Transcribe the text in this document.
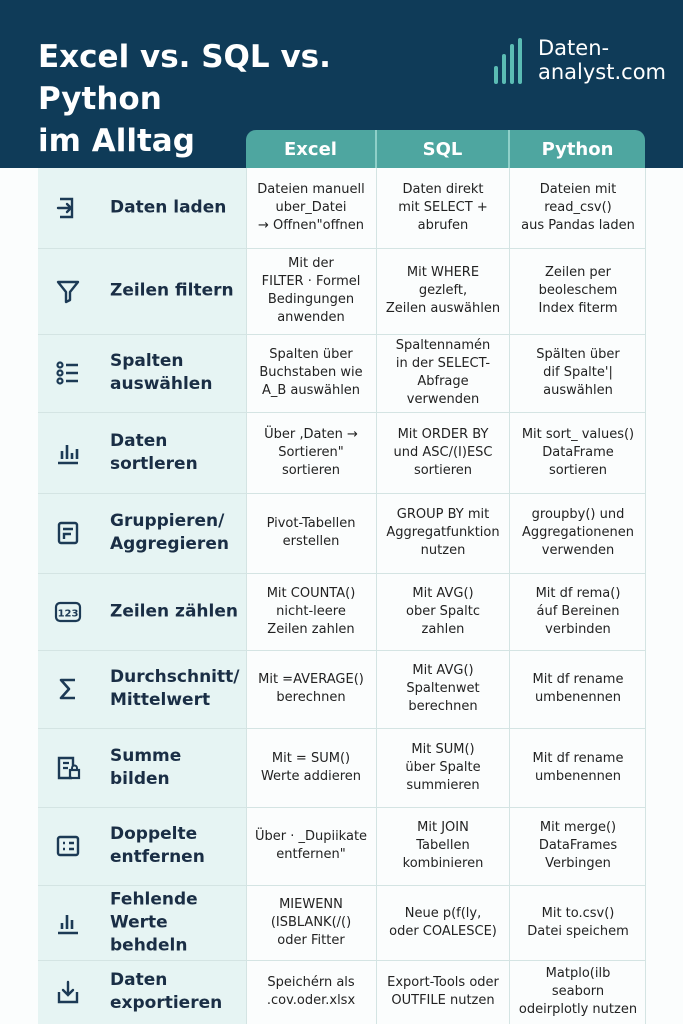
Excel vs. SQL vs. Python
im Alltag
Daten-
analyst.com
Excel	SQL	Python
Daten laden
Dateien manuell
uber_Datei
→ Offnen"offnen
Daten direkt
mit SELECT +
abrufen
Dateien mit
read_csv()
aus Pandas laden
Zeilen filtern
Mit der
FILTER · Formel
Bedingungen
anwenden
Mit WHERE
gezleft,
Zeilen auswählen
Zeilen per
beoleschem
Index fiterm
Spalten auswählen
Spalten über
Buchstaben wie
A_B auswählen
Spaltennamén
in der SELECT-
Abfrage verwenden
Spälten über
dif Spalte'|
auswählen
Daten sortleren
Über ‚Daten →
Sortieren"
sortieren
Mit ORDER BY
und ASC/(I)ESC
sortieren
Mit sort_ values()
DataFrame
sortieren
Gruppieren/ Aggregieren
Pivot-Tabellen
erstellen
GROUP BY mit
Aggregatfunktion
nutzen
groupby() und
Aggregationenen
verwenden
Zeilen zählen
Mit COUNTA()
nicht-leere
Zeilen zahlen
Mit AVG()
ober Spaltc
zahlen
Mit df rema()
áuf Bereinen
verbinden
Durchschnitt/ Mittelwert
Mit =AVERAGE()
berechnen
Mit AVG()
Spaltenwet
berechnen
Mit df rename
umbenennen
Summe bilden
Mit = SUM()
Werte addieren
Mit SUM()
über Spalte
summieren
Mit df rename
umbenennen
Doppelte entfernen
Über · _Dupiikate
entfernen"
Mit JOIN
Tabellen
kombinieren
Mit merge()
DataFrames
Verbingen
Fehlende Werte behdeln
MIEWENN
(ISBLANK(/()
oder Fitter
Neue p(f(ly,
oder COALESCE)
Mit to.csv()
Datei speichem
Daten exportieren
Speichérn als
.cov.oder.xlsx
Export-Tools oder
OUTFILE nutzen
Matplo(ilb seaborn
odeirplotly nutzen
